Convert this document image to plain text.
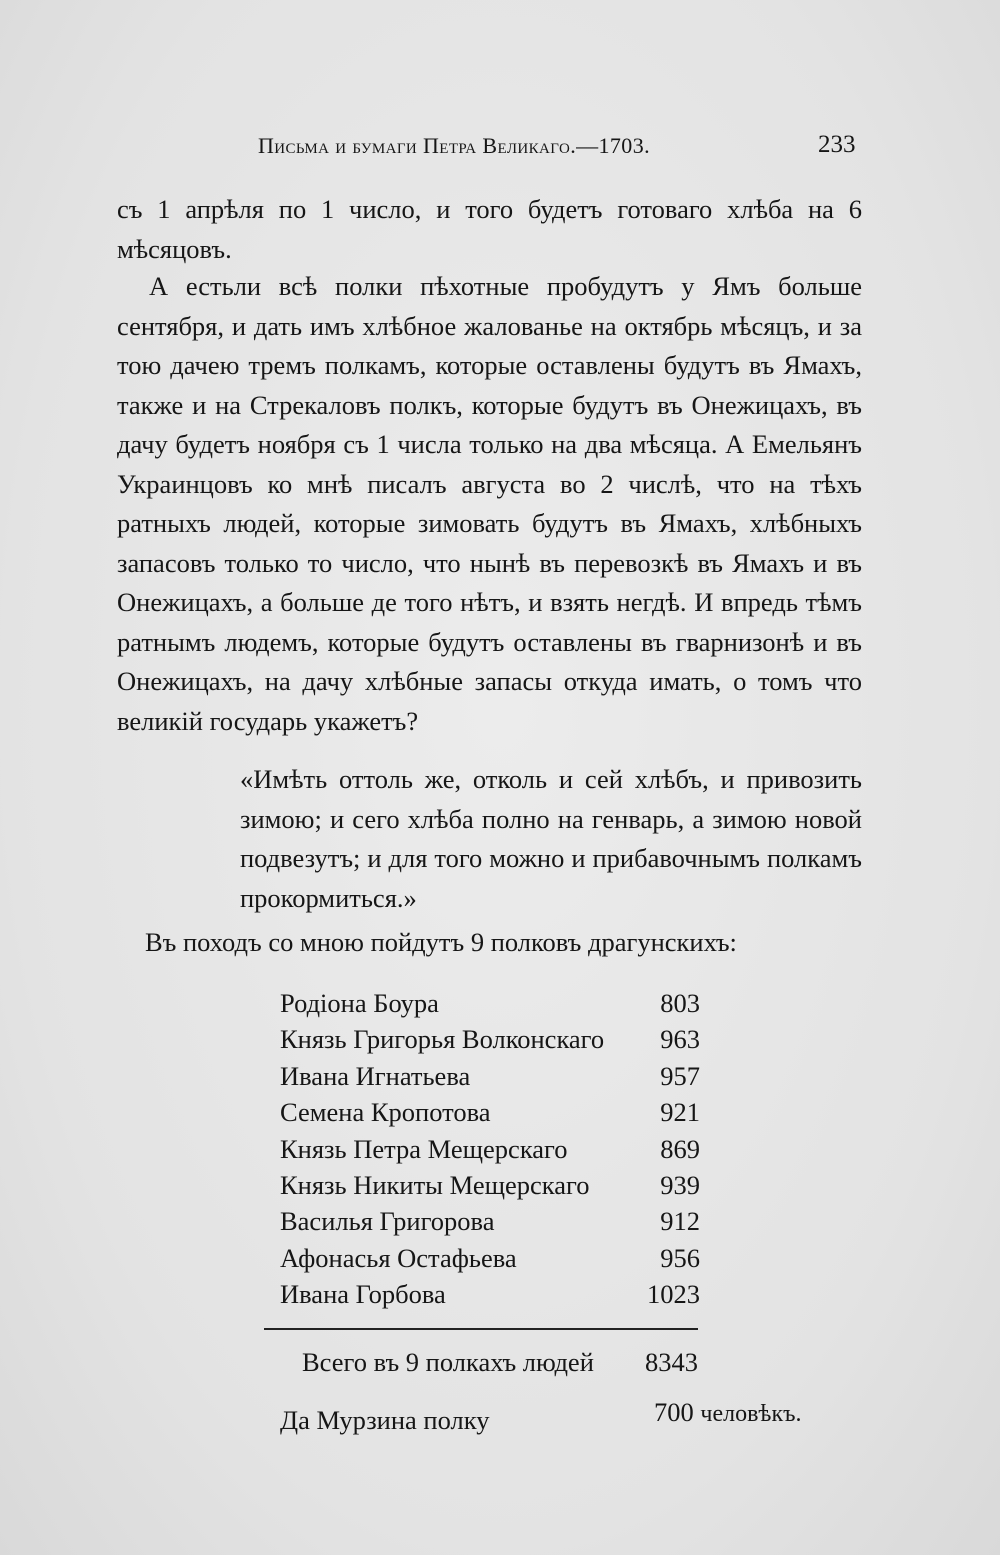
Письма и бумаги Петра Великаго.—1703.	233

съ 1 апрѣля по 1 число, и того будетъ готоваго хлѣба на 6 мѣсяцовъ.

А естьли всѣ полки пѣхотные пробудутъ у Ямъ больше сентября, и дать имъ хлѣбное жалованье на октябрь мѣсяцъ, и за тою дачею тремъ полкамъ, которые оставлены будутъ въ Ямахъ, также и на Стрекаловъ полкъ, которые будутъ въ Онежицахъ, въ дачу будетъ ноября съ 1 числа только на два мѣсяца. А Емельянъ Украинцовъ ко мнѣ писалъ августа во 2 числѣ, что на тѣхъ ратныхъ людей, которые зимовать будутъ въ Ямахъ, хлѣбныхъ запасовъ только то число, что нынѣ въ перевозкѣ въ Ямахъ и въ Онежицахъ, а больше де того нѣтъ, и взять негдѣ. И впредь тѣмъ ратнымъ людемъ, которые будутъ оставлены въ гварнизонѣ и въ Онежицахъ, на дачу хлѣбные запасы откуда имать, о томъ что великій государь укажетъ?

«Имѣть оттоль же, отколь и сей хлѣбъ, и привозить зимою; и сего хлѣба полно на генварь, а зимою новой подвезутъ; и для того можно и прибавочнымъ полкамъ прокормиться.»

Въ походъ со мною пойдутъ 9 полковъ драгунскихъ:

Родіона Боура	803
Князь Григорья Волконскаго	963
Ивана Игнатьева	957
Семена Кропотова	921
Князь Петра Мещерскаго	869
Князь Никиты Мещерскаго	939
Василья Григорова	912
Афонасья Остафьева	956
Ивана Горбова	1023
Всего въ 9 полкахъ людей 8343
Да Мурзина полку	700 человѣкъ.
